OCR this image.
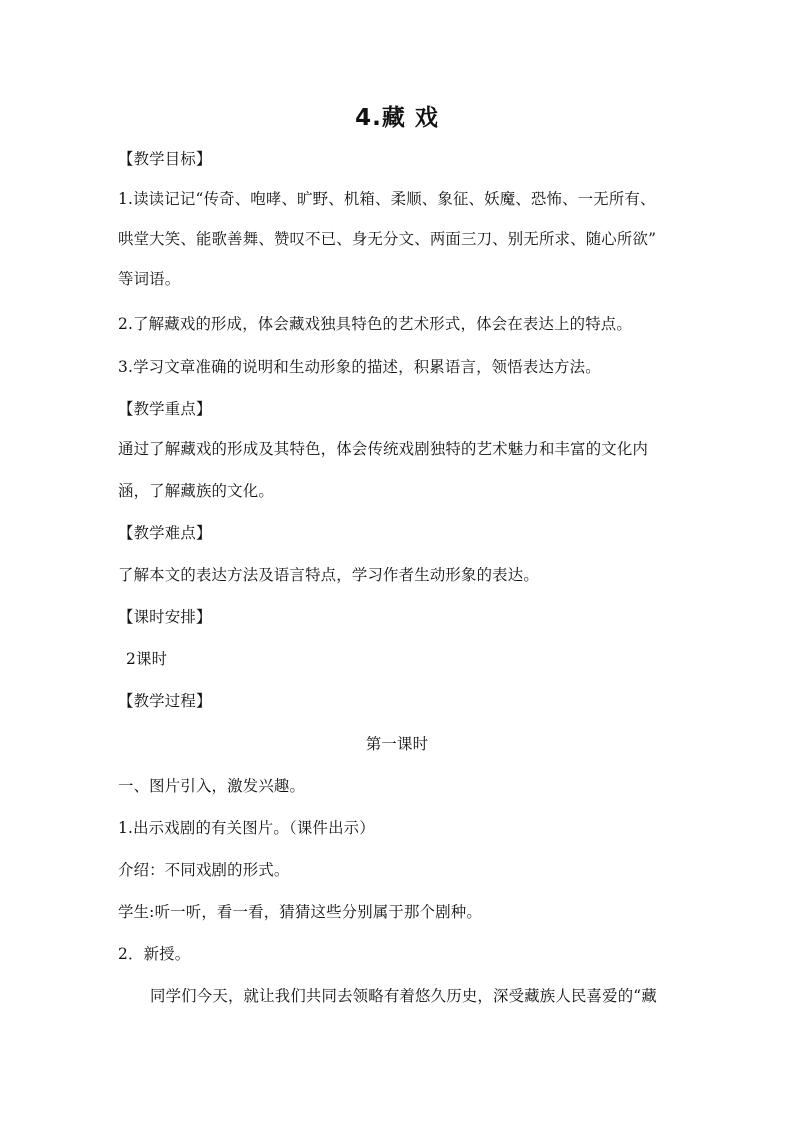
4.藏 戏
【教学目标】
1.读读记记“传奇、咆哮、旷野、机箱、柔顺、象征、妖魔、恐怖、一无所有、
哄堂大笑、能歌善舞、赞叹不已、身无分文、两面三刀、别无所求、随心所欲”
等词语。
2.了解藏戏的形成，体会藏戏独具特色的艺术形式，体会在表达上的特点。
3.学习文章准确的说明和生动形象的描述，积累语言，领悟表达方法。
【教学重点】
通过了解藏戏的形成及其特色，体会传统戏剧独特的艺术魅力和丰富的文化内
涵，了解藏族的文化。
【教学难点】
了解本文的表达方法及语言特点，学习作者生动形象的表达。
【课时安排】
2课时
【教学过程】
第一课时
一、图片引入，激发兴趣。
1.出示戏剧的有关图片。（课件出示）
介绍：不同戏剧的形式。
学生:听一听，看一看，猜猜这些分别属于那个剧种。
2．新授。
同学们今天，就让我们共同去领略有着悠久历史，深受藏族人民喜爱的“藏
